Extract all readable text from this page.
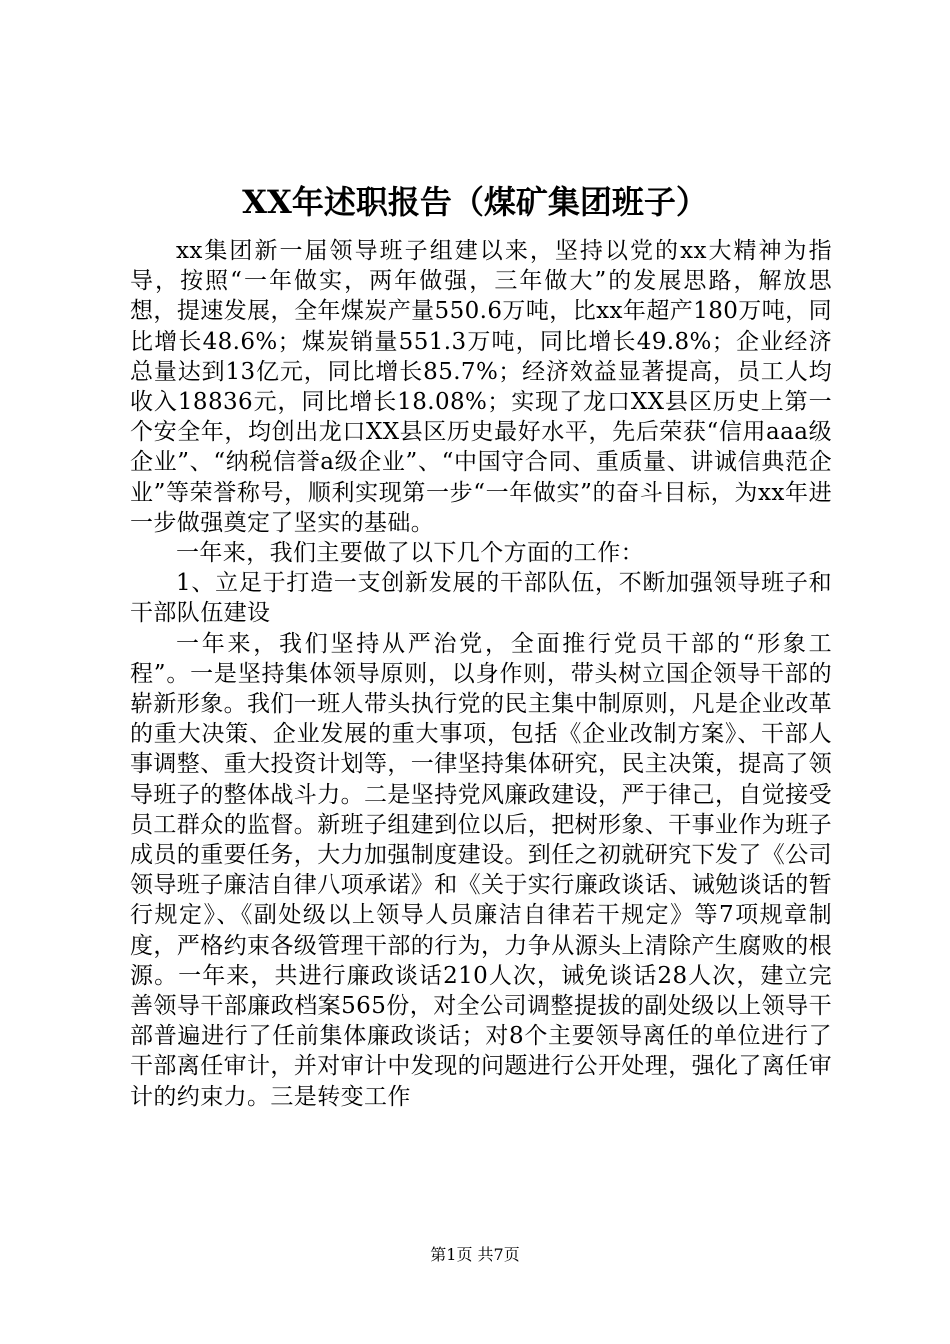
XX年述职报告（煤矿集团班子）

xx集团新一届领导班子组建以来，坚持以党的xx大精神为指导，按照“一年做实，两年做强，三年做大”的发展思路，解放思想，提速发展，全年煤炭产量550.6万吨，比xx年超产180万吨，同比增长48.6%；煤炭销量551.3万吨，同比增长49.8%；企业经济总量达到13亿元，同比增长85.7%；经济效益显著提高，员工人均收入18836元，同比增长18.08%；实现了龙口XX县区历史上第一个安全年，均创出龙口XX县区历史最好水平，先后荣获“信用aaa级企业”、“纳税信誉a级企业”、“中国守合同、重质量、讲诚信典范企业”等荣誉称号，顺利实现第一步“一年做实”的奋斗目标，为xx年进一步做强奠定了坚实的基础。

一年来，我们主要做了以下几个方面的工作：

1、立足于打造一支创新发展的干部队伍，不断加强领导班子和干部队伍建设

一年来，我们坚持从严治党，全面推行党员干部的“形象工程”。一是坚持集体领导原则，以身作则，带头树立国企领导干部的崭新形象。我们一班人带头执行党的民主集中制原则，凡是企业改革的重大决策、企业发展的重大事项，包括《企业改制方案》、干部人事调整、重大投资计划等，一律坚持集体研究，民主决策，提高了领导班子的整体战斗力。二是坚持党风廉政建设，严于律己，自觉接受员工群众的监督。新班子组建到位以后，把树形象、干事业作为班子成员的重要任务，大力加强制度建设。到任之初就研究下发了《公司领导班子廉洁自律八项承诺》和《关于实行廉政谈话、诫勉谈话的暂行规定》、《副处级以上领导人员廉洁自律若干规定》等7项规章制度，严格约束各级管理干部的行为，力争从源头上清除产生腐败的根源。一年来，共进行廉政谈话210人次，诫免谈话28人次，建立完善领导干部廉政档案565份，对全公司调整提拔的副处级以上领导干部普遍进行了任前集体廉政谈话；对8个主要领导离任的单位进行了干部离任审计，并对审计中发现的问题进行公开处理，强化了离任审计的约束力。三是转变工作

第1页 共7页
